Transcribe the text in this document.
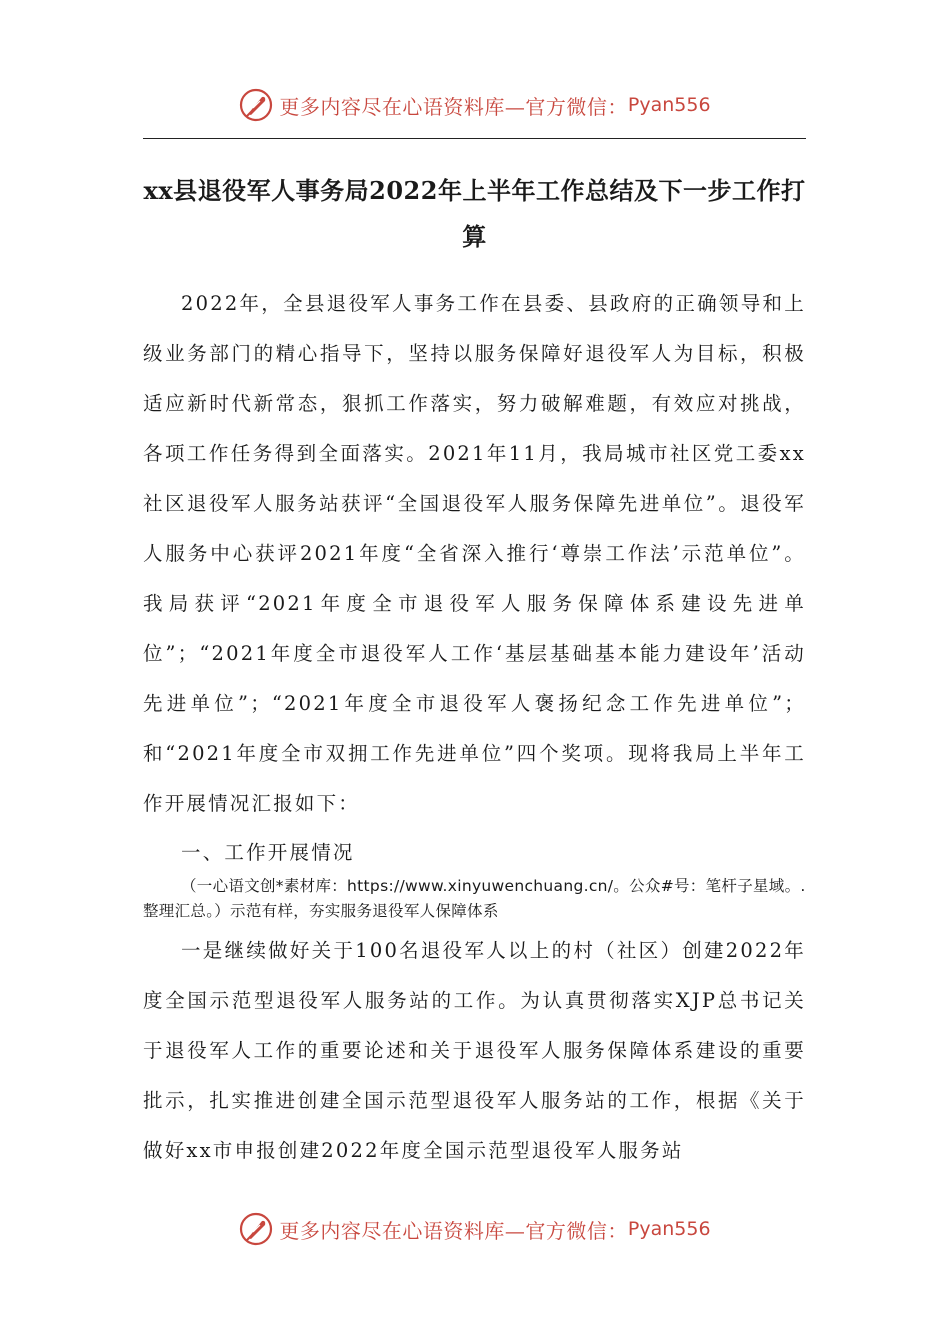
更多内容尽在心语资料库—官方微信： Pyan556
xx县退役军人事务局2022年上半年工作总结及下一步工作打算

2022年，全县退役军人事务工作在县委、县政府的正确领导和上级业务部门的精心指导下，坚持以服务保障好退役军人为目标，积极适应新时代新常态，狠抓工作落实，努力破解难题，有效应对挑战，各项工作任务得到全面落实。2021年11月，我局城市社区党工委xx社区退役军人服务站获评“全国退役军人服务保障先进单位”。退役军人服务中心获评2021年度“全省深入推行‘尊崇工作法’示范单位”。我局获评“2021年度全市退役军人服务保障体系建设先进单位”；“2021年度全市退役军人工作‘基层基础基本能力建设年’活动先进单位”；“2021年度全市退役军人褒扬纪念工作先进单位”；和“2021年度全市双拥工作先进单位”四个奖项。现将我局上半年工作开展情况汇报如下：

一、工作开展情况

（一心语文创*素材库：https://www.xinyuwenchuang.cn/。公众#号：笔杆子星域。.整理汇总。）示范有样，夯实服务退役军人保障体系

一是继续做好关于100名退役军人以上的村（社区）创建2022年度全国示范型退役军人服务站的工作。为认真贯彻落实XJP总书记关于退役军人工作的重要论述和关于退役军人服务保障体系建设的重要批示，扎实推进创建全国示范型退役军人服务站的工作，根据《关于做好xx市申报创建2022年度全国示范型退役军人服务站

更多内容尽在心语资料库—官方微信： Pyan556
